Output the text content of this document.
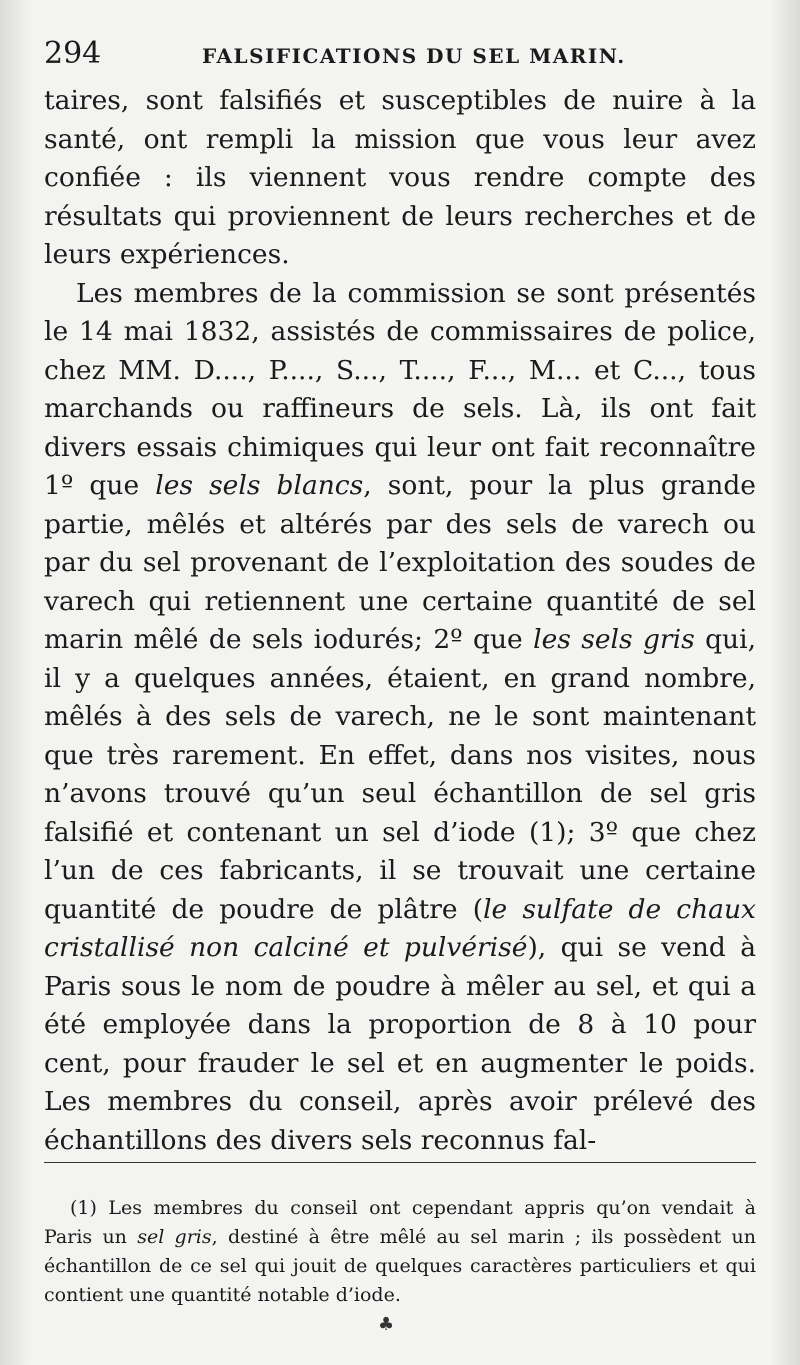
294	FALSIFICATIONS DU SEL MARIN.

taires, sont falsifiés et susceptibles de nuire à la santé, ont rempli la mission que vous leur avez confiée : ils viennent vous rendre compte des résultats qui proviennent de leurs recherches et de leurs expériences.

Les membres de la commission se sont présentés le 14 mai 1832, assistés de commissaires de police, chez MM. D...., P...., S..., T...., F..., M... et C..., tous marchands ou raffineurs de sels. Là, ils ont fait divers essais chimiques qui leur ont fait reconnaître 1º que les sels blancs, sont, pour la plus grande partie, mêlés et altérés par des sels de varech ou par du sel provenant de l’exploitation des soudes de varech qui retiennent une certaine quantité de sel marin mêlé de sels iodurés; 2º que les sels gris qui, il y a quelques années, étaient, en grand nombre, mêlés à des sels de varech, ne le sont maintenant que très rarement. En effet, dans nos visites, nous n’avons trouvé qu’un seul échantillon de sel gris falsifié et contenant un sel d’iode (1); 3º que chez l’un de ces fabricants, il se trouvait une certaine quantité de poudre de plâtre (le sulfate de chaux cristallisé non calciné et pulvérisé), qui se vend à Paris sous le nom de poudre à mêler au sel, et qui a été employée dans la proportion de 8 à 10 pour cent, pour frauder le sel et en augmenter le poids. Les membres du conseil, après avoir prélevé des échantillons des divers sels reconnus fal-

(1) Les membres du conseil ont cependant appris qu’on vendait à Paris un sel gris, destiné à être mêlé au sel marin ; ils possèdent un échantillon de ce sel qui jouit de quelques caractères particuliers et qui contient une quantité notable d’iode.

♣
